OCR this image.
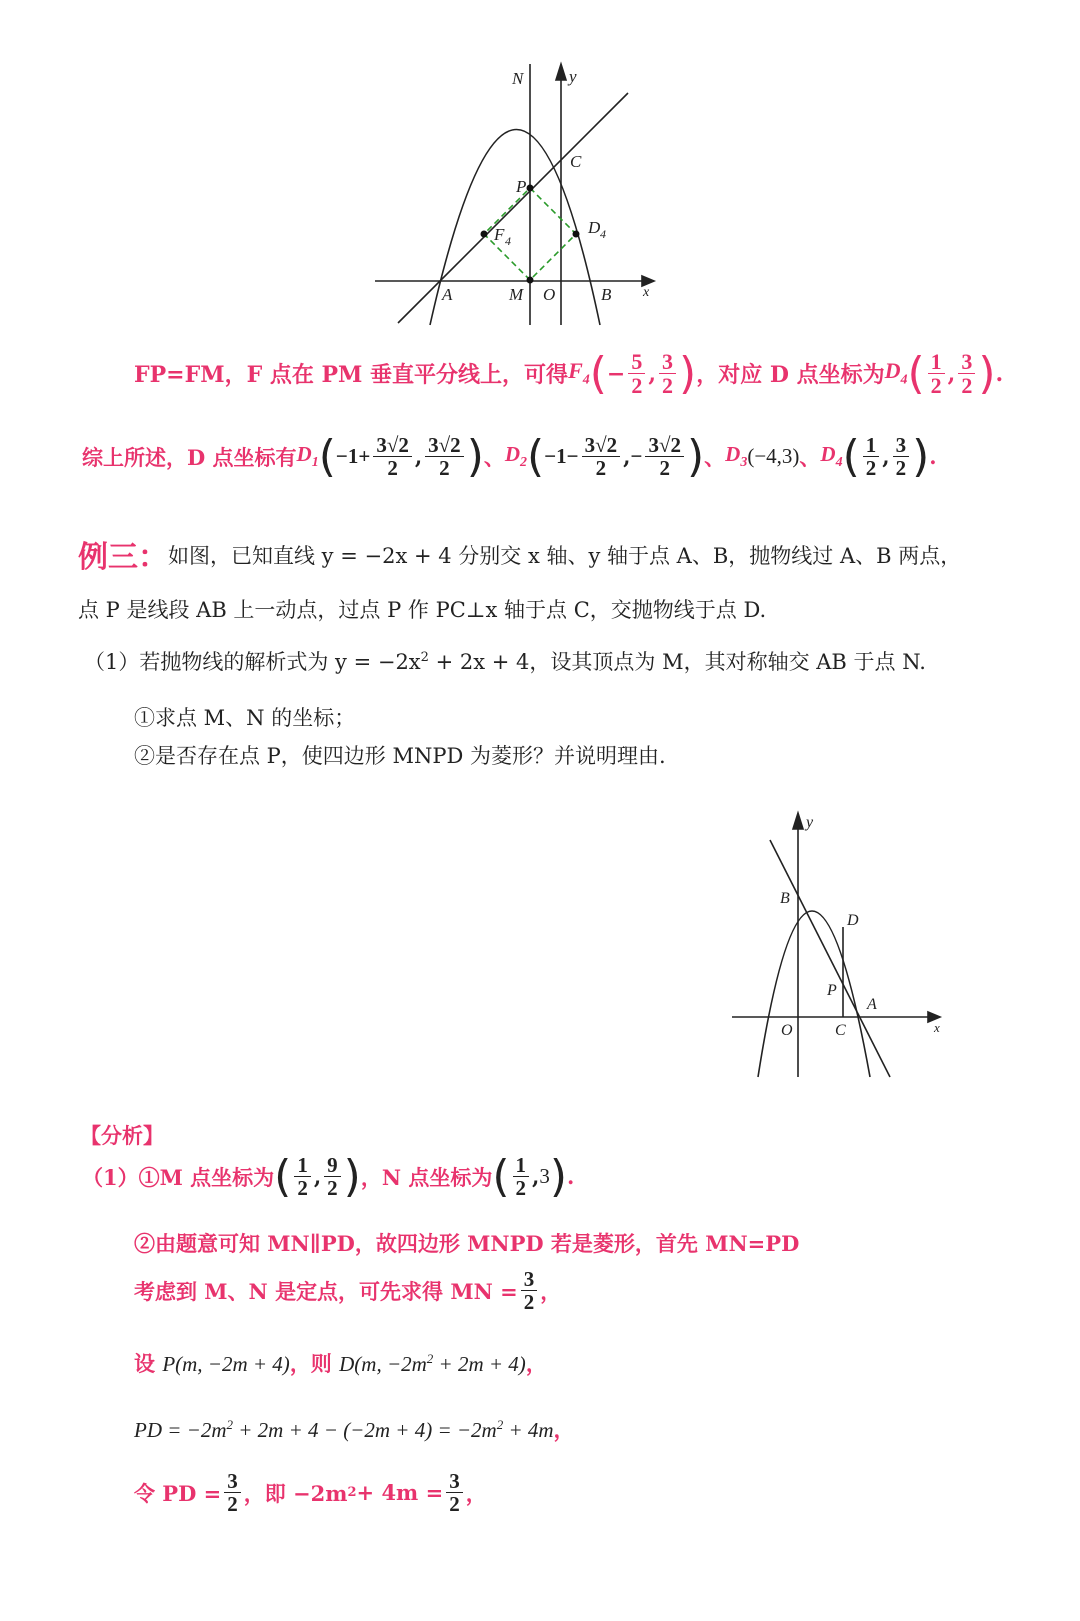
N	y
C
P
F 4
D 4
A	M O	B x
FP=FM，F 点在 PM 垂直平分线上，可得 $F_4$ ( − $\frac{5}{2}$ , $\frac{3}{2}$ ) ，对应 D 点坐标为 $D_4$ ( $\frac{1}{2}$ , $\frac{3}{2}$ ) .
综上所述，D 点坐标有 $D_1$ ( $-1+ \frac{3√2}{2}$ , $\frac{3√2}{2}$ ) 、 $D_2$ ( $-1- \frac{3√2}{2}$ , − $\frac{3√2}{2}$ ) 、 $D_3$ (−4,3) 、 $D_4$ ( $\frac{1}{2}$ , $\frac{3}{2}$ ) .
例三： 如图，已知直线 y = −2x + 4 分别交 x 轴、y 轴于点 A、B，抛物线过 A、B 两点，
点 P 是线段 AB 上一动点，过点 P 作 PC⊥x 轴于点 C，交抛物线于点 D.
（1）若抛物线的解析式为 $y = -2x^2 + 2x + 4$，设其顶点为 M，其对称轴交 AB 于点 N.
①求点 M、N 的坐标；
②是否存在点 P，使四边形 MNPD 为菱形？并说明理由.
y
B
D
P
A
O	C	x
【分析】
（1）①M 点坐标为 ( $\frac{1}{2}$ , $\frac{9}{2}$ ) ，N 点坐标为 ( $\frac{1}{2}$ , 3 ) .
②由题意可知 MN∥PD，故四边形 MNPD 若是菱形，首先 MN=PD
考虑到 M、N 是定点，可先求得 MN = $\frac{3}{2}$ ，
设 P(m, −2m + 4)，则 D(m, $-2m^2 + 2m + 4$)，
PD = $-2m^2 + 2m + 4 - (-2m + 4) = -2m^2 + 4m$，
令 PD = $\frac{3}{2}$ ，即 −2m $2 + 4m = \frac{3}{2}$ ，
